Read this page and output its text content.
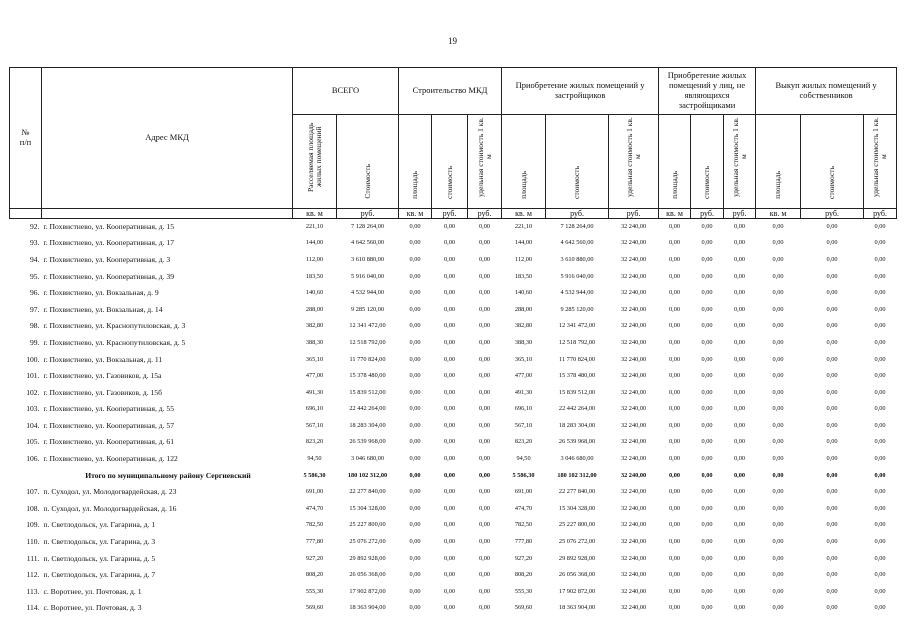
19
№
п/п	Адрес МКД	ВСЕГО		Строительство МКД			Приобретение жилых помещений у застройщиков			Приобретение жилых помещений у лиц, не являющихся застройщиками			Выкуп жилых помещений у собственников		
		Расселяемая площадь жилых помещений	Стоимость	площадь	стоимость	удельная стоимость 1 кв. м	площадь	стоимость	удельная стоимость 1 кв. м	площадь	стоимость	удельная стоимость 1 кв. м	площадь	стоимость	удельная стоимость 1 кв. м
		кв. м	руб.	кв. м	руб.	руб.	кв. м	руб.	руб.	кв. м	руб.	руб.	кв. м	руб.	руб.
92.	г. Похвистнево, ул. Кооперативная, д. 15	221,10	7 128 264,00	0,00	0,00	0,00	221,10	7 128 264,00	32 240,00	0,00	0,00	0,00	0,00	0,00	0,00
93.	г. Похвистнево, ул. Кооперативная, д. 17	144,00	4 642 560,00	0,00	0,00	0,00	144,00	4 642 560,00	32 240,00	0,00	0,00	0,00	0,00	0,00	0,00
94.	г. Похвистнево, ул. Кооперативная, д. 3	112,00	3 610 880,00	0,00	0,00	0,00	112,00	3 610 880,00	32 240,00	0,00	0,00	0,00	0,00	0,00	0,00
95.	г. Похвистнево, ул. Кооперативная, д. 39	183,50	5 916 040,00	0,00	0,00	0,00	183,50	5 916 040,00	32 240,00	0,00	0,00	0,00	0,00	0,00	0,00
96.	г. Похвистнево, ул. Вокзальная, д. 9	140,60	4 532 944,00	0,00	0,00	0,00	140,60	4 532 944,00	32 240,00	0,00	0,00	0,00	0,00	0,00	0,00
97.	г. Похвистнево, ул. Вокзальная, д. 14	288,00	9 285 120,00	0,00	0,00	0,00	288,00	9 285 120,00	32 240,00	0,00	0,00	0,00	0,00	0,00	0,00
98.	г. Похвистнево, ул. Краснопутиловская, д. 3	382,80	12 341 472,00	0,00	0,00	0,00	382,80	12 341 472,00	32 240,00	0,00	0,00	0,00	0,00	0,00	0,00
99.	г. Похвистнево, ул. Краснопутиловская, д. 5	388,30	12 518 792,00	0,00	0,00	0,00	388,30	12 518 792,00	32 240,00	0,00	0,00	0,00	0,00	0,00	0,00
100.	г. Похвистнево, ул. Вокзальная, д. 11	365,10	11 770 824,00	0,00	0,00	0,00	365,10	11 770 824,00	32 240,00	0,00	0,00	0,00	0,00	0,00	0,00
101.	г. Похвистнево, ул. Газовиков, д. 15а	477,00	15 378 480,00	0,00	0,00	0,00	477,00	15 378 480,00	32 240,00	0,00	0,00	0,00	0,00	0,00	0,00
102.	г. Похвистнево, ул. Газовиков, д. 15б	491,30	15 839 512,00	0,00	0,00	0,00	491,30	15 839 512,00	32 240,00	0,00	0,00	0,00	0,00	0,00	0,00
103.	г. Похвистнево, ул. Кооперативная, д. 55	696,10	22 442 264,00	0,00	0,00	0,00	696,10	22 442 264,00	32 240,00	0,00	0,00	0,00	0,00	0,00	0,00
104.	г. Похвистнево, ул. Кооперативная, д. 57	567,10	18 283 304,00	0,00	0,00	0,00	567,10	18 283 304,00	32 240,00	0,00	0,00	0,00	0,00	0,00	0,00
105.	г. Похвистнево, ул. Кооперативная, д. 61	823,20	26 539 968,00	0,00	0,00	0,00	823,20	26 539 968,00	32 240,00	0,00	0,00	0,00	0,00	0,00	0,00
106.	г. Похвистнево, ул. Кооперативная, д. 122	94,50	3 046 680,00	0,00	0,00	0,00	94,50	3 046 680,00	32 240,00	0,00	0,00	0,00	0,00	0,00	0,00
	Итого по муниципальному району Сергиевский	5 586,30	180 102 312,00	0,00	0,00	0,00	5 586,30	180 102 312,00	32 240,00	0,00	0,00	0,00	0,00	0,00	0,00
107.	п. Суходол, ул. Молодогвардейская, д. 23	691,00	22 277 840,00	0,00	0,00	0,00	691,00	22 277 840,00	32 240,00	0,00	0,00	0,00	0,00	0,00	0,00
108.	п. Суходол, ул. Молодогвардейская, д. 16	474,70	15 304 328,00	0,00	0,00	0,00	474,70	15 304 328,00	32 240,00	0,00	0,00	0,00	0,00	0,00	0,00
109.	п. Светлодольск, ул. Гагарина, д. 1	782,50	25 227 800,00	0,00	0,00	0,00	782,50	25 227 800,00	32 240,00	0,00	0,00	0,00	0,00	0,00	0,00
110.	п. Светлодольск, ул. Гагарина, д. 3	777,80	25 076 272,00	0,00	0,00	0,00	777,80	25 076 272,00	32 240,00	0,00	0,00	0,00	0,00	0,00	0,00
111.	п. Светлодольск, ул. Гагарина, д. 5	927,20	29 892 928,00	0,00	0,00	0,00	927,20	29 892 928,00	32 240,00	0,00	0,00	0,00	0,00	0,00	0,00
112.	п. Светлодольск, ул. Гагарина, д. 7	808,20	26 056 368,00	0,00	0,00	0,00	808,20	26 056 368,00	32 240,00	0,00	0,00	0,00	0,00	0,00	0,00
113.	с. Воротнее, ул. Почтовая, д. 1	555,30	17 902 872,00	0,00	0,00	0,00	555,30	17 902 872,00	32 240,00	0,00	0,00	0,00	0,00	0,00	0,00
114.	с. Воротнее, ул. Почтовая, д. 3	569,60	18 363 904,00	0,00	0,00	0,00	569,60	18 363 904,00	32 240,00	0,00	0,00	0,00	0,00	0,00	0,00
